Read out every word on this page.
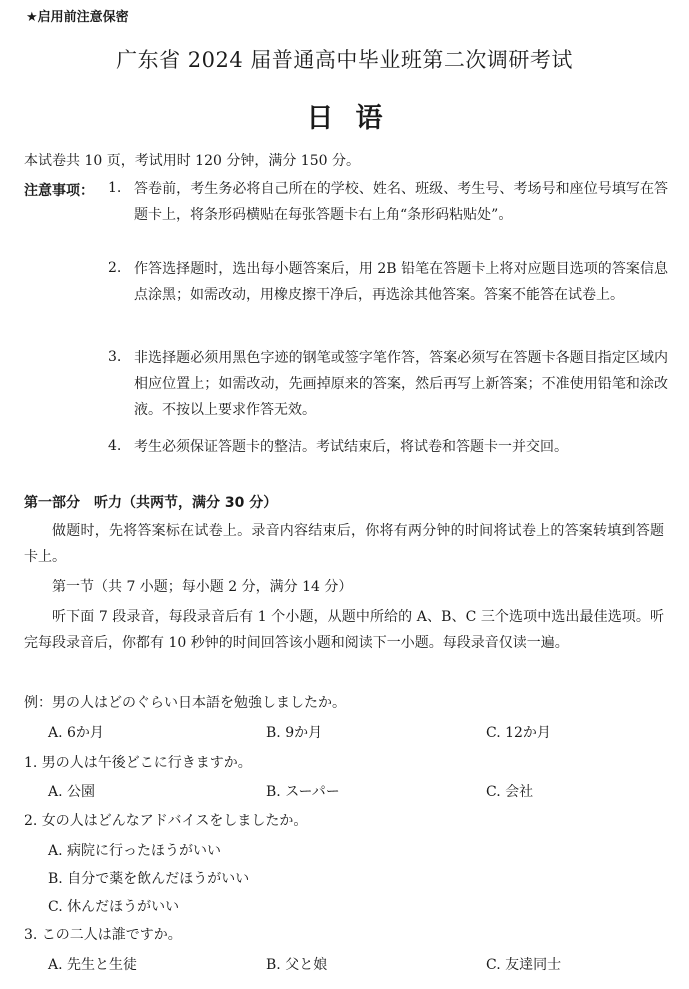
★启用前注意保密
广东省 2024 届普通高中毕业班第二次调研考试
日语
本试卷共 10 页，考试用时 120 分钟，满分 150 分。
注意事项： 1. 答卷前，考生务必将自己所在的学校、姓名、班级、考生号、考场号和座位号填写在答题卡上，将条形码横贴在每张答题卡右上角“条形码粘贴处”。
2. 作答选择题时，选出每小题答案后，用 2B 铅笔在答题卡上将对应题目选项的答案信息点涂黑；如需改动，用橡皮擦干净后，再选涂其他答案。答案不能答在试卷上。
3. 非选择题必须用黑色字迹的钢笔或签字笔作答，答案必须写在答题卡各题目指定区域内相应位置上；如需改动，先画掉原来的答案，然后再写上新答案；不准使用铅笔和涂改液。不按以上要求作答无效。
4. 考生必须保证答题卡的整洁。考试结束后，将试卷和答题卡一并交回。
第一部分　听力（共两节，满分 30 分）
做题时，先将答案标在试卷上。录音内容结束后，你将有两分钟的时间将试卷上的答案转填到答题卡上。
第一节（共 7 小题；每小题 2 分，满分 14 分）
听下面 7 段录音，每段录音后有 1 个小题，从题中所给的 A、B、C 三个选项中选出最佳选项。听完每段录音后，你都有 10 秒钟的时间回答该小题和阅读下一小题。每段录音仅读一遍。
例：男の人はどのぐらい日本語を勉強しましたか。
A. 6か月	B. 9か月	C. 12か月
1. 男の人は午後どこに行きますか。
A. 公園	B. スーパー	C. 会社
2. 女の人はどんなアドバイスをしましたか。
A. 病院に行ったほうがいい
B. 自分で薬を飲んだほうがいい
C. 休んだほうがいい
3. この二人は誰ですか。
A. 先生と生徒	B. 父と娘	C. 友達同士
